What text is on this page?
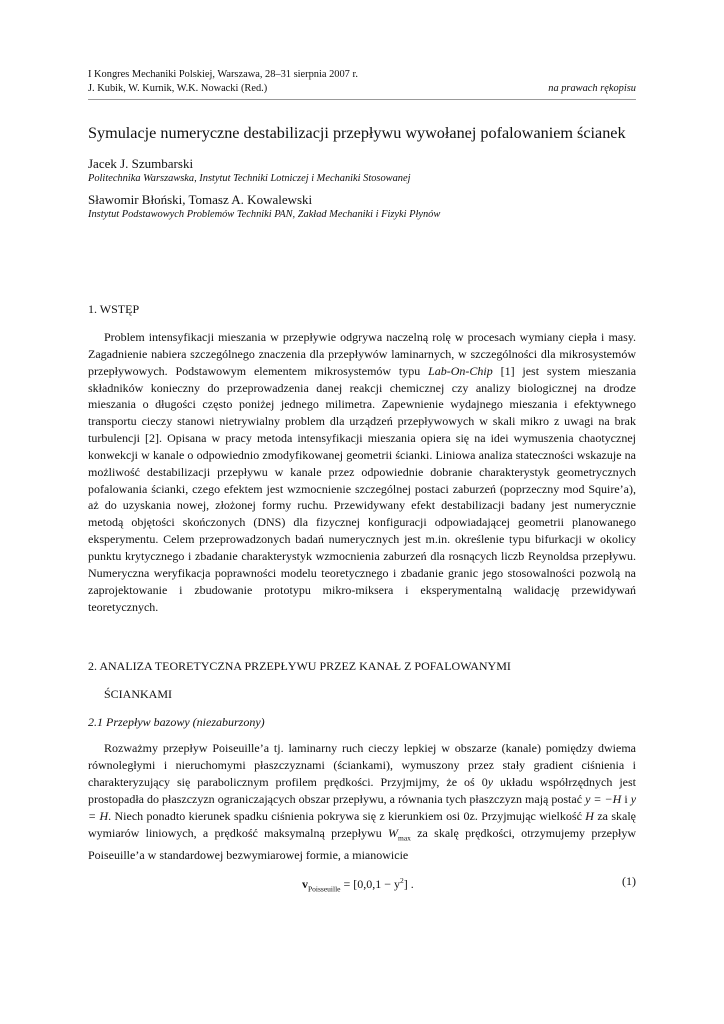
I Kongres Mechaniki Polskiej, Warszawa, 28–31 sierpnia 2007 r.
J. Kubik, W. Kurnik, W.K. Nowacki (Red.)	na prawach rękopisu
Symulacje numeryczne destabilizacji przepływu wywołanej pofalowaniem ścianek
Jacek J. Szumbarski
Politechnika Warszawska, Instytut Techniki Lotniczej i Mechaniki Stosowanej
Sławomir Błoński, Tomasz A. Kowalewski
Instytut Podstawowych Problemów Techniki PAN, Zakład Mechaniki i Fizyki Płynów
1. WSTĘP

Problem intensyfikacji mieszania w przepływie odgrywa naczelną rolę w procesach wymiany ciepła i masy. Zagadnienie nabiera szczególnego znaczenia dla przepływów laminarnych, w szczególności dla mikrosystemów przepływowych. Podstawowym elementem mikrosystemów typu Lab-On-Chip [1] jest system mieszania składników konieczny do przeprowadzenia danej reakcji chemicznej czy analizy biologicznej na drodze mieszania o długości często poniżej jednego milimetra. Zapewnienie wydajnego mieszania i efektywnego transportu cieczy stanowi nietrywialny problem dla urządzeń przepływowych w skali mikro z uwagi na brak turbulencji [2]. Opisana w pracy metoda intensyfikacji mieszania opiera się na idei wymuszenia chaotycznej konwekcji w kanale o odpowiednio zmodyfikowanej geometrii ścianki. Liniowa analiza stateczności wskazuje na możliwość destabilizacji przepływu w kanale przez odpowiednie dobranie charakterystyk geometrycznych pofalowania ścianki, czego efektem jest wzmocnienie szczególnej postaci zaburzeń (poprzeczny mod Squire’a), aż do uzyskania nowej, złożonej formy ruchu. Przewidywany efekt destabilizacji badany jest numerycznie metodą objętości skończonych (DNS) dla fizycznej konfiguracji odpowiadającej geometrii planowanego eksperymentu. Celem przeprowadzonych badań numerycznych jest m.in. określenie typu bifurkacji w okolicy punktu krytycznego i zbadanie charakterystyk wzmocnienia zaburzeń dla rosnących liczb Reynoldsa przepływu. Numeryczna weryfikacja poprawności modelu teoretycznego i zbadanie granic jego stosowalności pozwolą na zaprojektowanie i zbudowanie prototypu mikro-miksera i eksperymentalną walidację przewidywań teoretycznych.

2. ANALIZA TEORETYCZNA PRZEPŁYWU PRZEZ KANAŁ Z POFALOWANYMI
ŚCIANKAMI
2.1 Przepływ bazowy (niezaburzony)

Rozważmy przepływ Poiseuille’a tj. laminarny ruch cieczy lepkiej w obszarze (kanale) pomiędzy dwiema równoległymi i nieruchomymi płaszczyznami (ściankami), wymuszony przez stały gradient ciśnienia i charakteryzujący się parabolicznym profilem prędkości. Przyjmijmy, że oś 0y układu współrzędnych jest prostopadła do płaszczyzn ograniczających obszar przepływu, a równania tych płaszczyzn mają postać y = −H i y = H. Niech ponadto kierunek spadku ciśnienia pokrywa się z kierunkiem osi 0z. Przyjmując wielkość H za skalę wymiarów liniowych, a prędkość maksymalną przepływu $W_{max}$ za skalę prędkości, otrzymujemy przepływ Poiseuille’a w standardowej bezwymiarowej formie, a mianowicie

$v_{Poisseuille} = [0,0,1 - y^2]$ .	(1)
